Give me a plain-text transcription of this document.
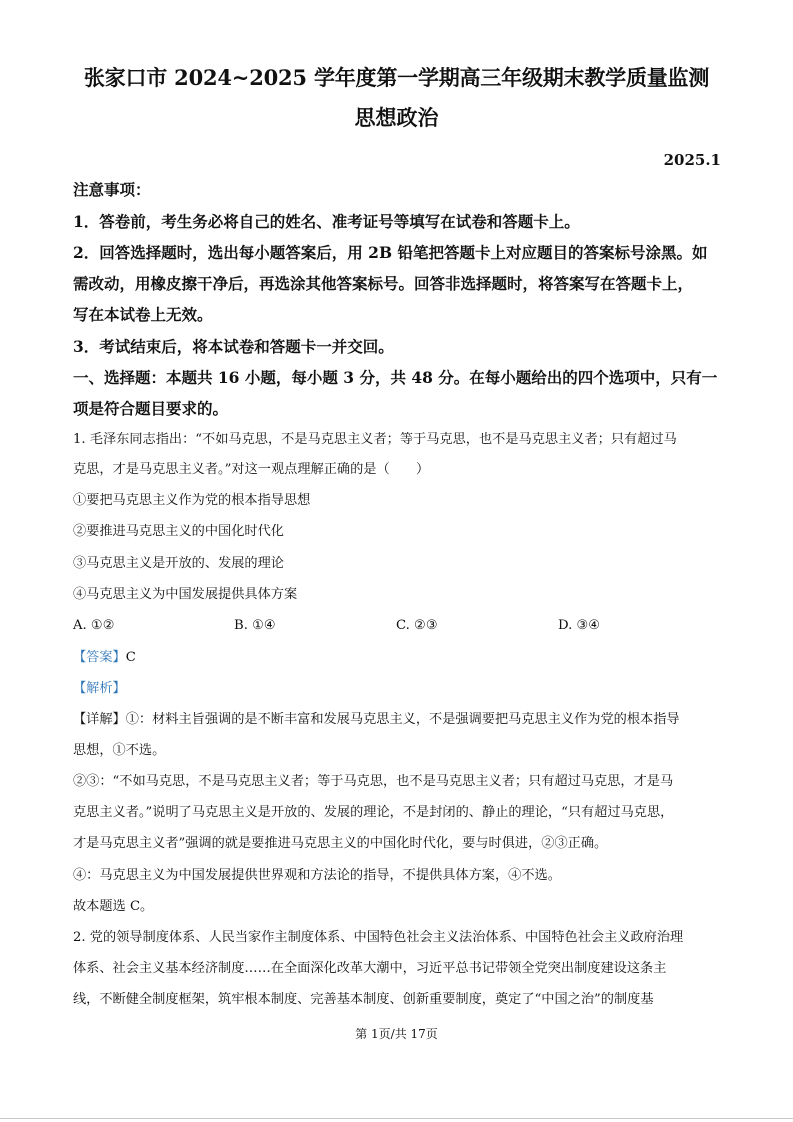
张家口市 2024~2025 学年度第一学期高三年级期末教学质量监测
思想政治
2025.1
注意事项：
1．答卷前，考生务必将自己的姓名、准考证号等填写在试卷和答题卡上。
2．回答选择题时，选出每小题答案后，用 2B 铅笔把答题卡上对应题目的答案标号涂黑。如
需改动，用橡皮擦干净后，再选涂其他答案标号。回答非选择题时，将答案写在答题卡上，
写在本试卷上无效。
3．考试结束后，将本试卷和答题卡一并交回。
一、选择题：本题共 16 小题，每小题 3 分，共 48 分。在每小题给出的四个选项中，只有一
项是符合题目要求的。
1. 毛泽东同志指出：“不如马克思，不是马克思主义者；等于马克思，也不是马克思主义者；只有超过马
克思，才是马克思主义者。”对这一观点理解正确的是（　　）
①要把马克思主义作为党的根本指导思想
②要推进马克思主义的中国化时代化
③马克思主义是开放的、发展的理论
④马克思主义为中国发展提供具体方案
A. ①②	B. ①④	C. ②③	D. ③④
【答案】C
【解析】
【详解】①：材料主旨强调的是不断丰富和发展马克思主义，不是强调要把马克思主义作为党的根本指导
思想，①不选。
②③：“不如马克思，不是马克思主义者；等于马克思，也不是马克思主义者；只有超过马克思，才是马
克思主义者。”说明了马克思主义是开放的、发展的理论，不是封闭的、静止的理论，“只有超过马克思，
才是马克思主义者”强调的就是要推进马克思主义的中国化时代化，要与时俱进，②③正确。
④：马克思主义为中国发展提供世界观和方法论的指导，不提供具体方案，④不选。
故本题选 C。
2. 党的领导制度体系、人民当家作主制度体系、中国特色社会主义法治体系、中国特色社会主义政府治理
体系、社会主义基本经济制度……在全面深化改革大潮中，习近平总书记带领全党突出制度建设这条主
线，不断健全制度框架，筑牢根本制度、完善基本制度、创新重要制度，奠定了“中国之治”的制度基
第 1页/共 17页
